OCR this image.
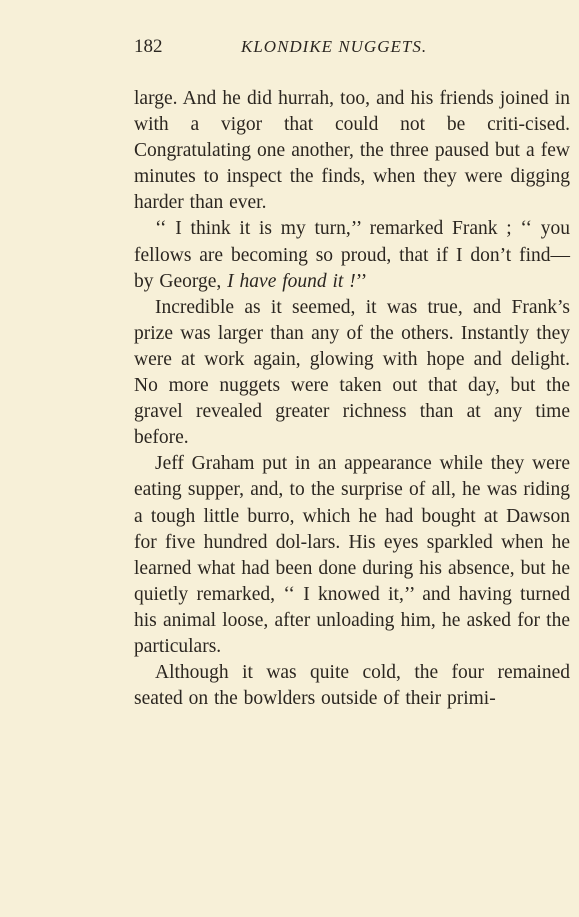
182	KLONDIKE NUGGETS.

large. And he did hurrah, too, and his friends joined in with a vigor that could not be criti-cised. Congratulating one another, the three paused but a few minutes to inspect the finds, when they were digging harder than ever.

‘‘ I think it is my turn,’’ remarked Frank ; ‘‘ you fellows are becoming so proud, that if I don’t find—by George, I have found it !’’

Incredible as it seemed, it was true, and Frank’s prize was larger than any of the others. Instantly they were at work again, glowing with hope and delight. No more nuggets were taken out that day, but the gravel revealed greater richness than at any time before.

Jeff Graham put in an appearance while they were eating supper, and, to the surprise of all, he was riding a tough little burro, which he had bought at Dawson for five hundred dol-lars. His eyes sparkled when he learned what had been done during his absence, but he quietly remarked, ‘‘ I knowed it,’’ and having turned his animal loose, after unloading him, he asked for the particulars.

Although it was quite cold, the four remained seated on the bowlders outside of their primi-
